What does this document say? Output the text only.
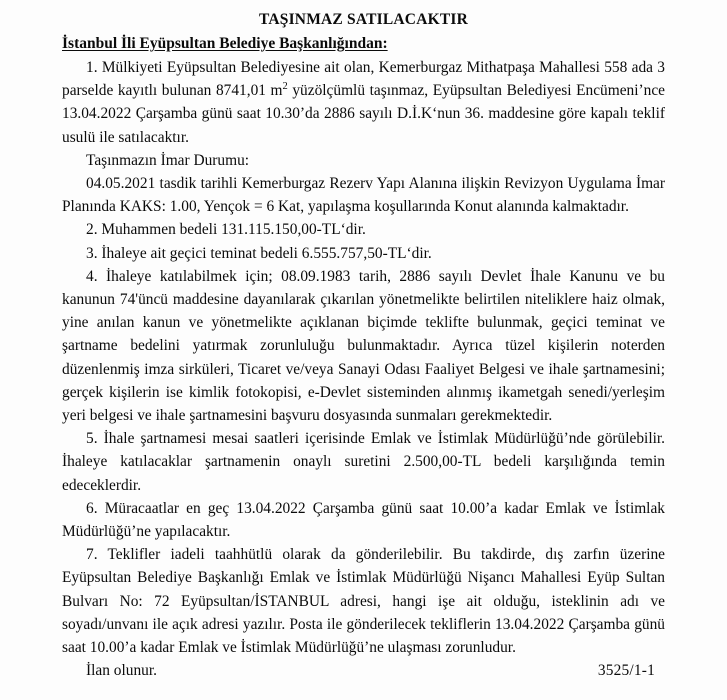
TAŞINMAZ SATILACAKTIR
İstanbul İli Eyüpsultan Belediye Başkanlığından:

1. Mülkiyeti Eyüpsultan Belediyesine ait olan, Kemerburgaz Mithatpaşa Mahallesi 558 ada 3 parselde kayıtlı bulunan 8741,01 $m^2$ yüzölçümlü taşınmaz, Eyüpsultan Belediyesi Encümeni’nce 13.04.2022 Çarşamba günü saat 10.30’da 2886 sayılı D.İ.K‘nun 36. maddesine göre kapalı teklif usulü ile satılacaktır.

Taşınmazın İmar Durumu:

04.05.2021 tasdik tarihli Kemerburgaz Rezerv Yapı Alanına ilişkin Revizyon Uygulama İmar Planında KAKS: 1.00, Yençok = 6 Kat, yapılaşma koşullarında Konut alanında kalmaktadır.

2. Muhammen bedeli 131.115.150,00-TL‘dir.

3. İhaleye ait geçici teminat bedeli 6.555.757,50-TL‘dir.

4. İhaleye katılabilmek için; 08.09.1983 tarih, 2886 sayılı Devlet İhale Kanunu ve bu kanunun 74'üncü maddesine dayanılarak çıkarılan yönetmelikte belirtilen niteliklere haiz olmak, yine anılan kanun ve yönetmelikte açıklanan biçimde teklifte bulunmak, geçici teminat ve şartname bedelini yatırmak zorunluluğu bulunmaktadır. Ayrıca tüzel kişilerin noterden düzenlenmiş imza sirküleri, Ticaret ve/veya Sanayi Odası Faaliyet Belgesi ve ihale şartnamesini; gerçek kişilerin ise kimlik fotokopisi, e-Devlet sisteminden alınmış ikametgah senedi/yerleşim yeri belgesi ve ihale şartnamesini başvuru dosyasında sunmaları gerekmektedir.

5. İhale şartnamesi mesai saatleri içerisinde Emlak ve İstimlak Müdürlüğü’nde görülebilir. İhaleye katılacaklar şartnamenin onaylı suretini 2.500,00-TL bedeli karşılığında temin edeceklerdir.

6. Müracaatlar en geç 13.04.2022 Çarşamba günü saat 10.00’a kadar Emlak ve İstimlak Müdürlüğü’ne yapılacaktır.

7. Teklifler iadeli taahhütlü olarak da gönderilebilir. Bu takdirde, dış zarfın üzerine Eyüpsultan Belediye Başkanlığı Emlak ve İstimlak Müdürlüğü Nişancı Mahallesi Eyüp Sultan Bulvarı No: 72 Eyüpsultan/İSTANBUL adresi, hangi işe ait olduğu, isteklinin adı ve soyadı/unvanı ile açık adresi yazılır. Posta ile gönderilecek tekliflerin 13.04.2022 Çarşamba günü saat 10.00’a kadar Emlak ve İstimlak Müdürlüğü’ne ulaşması zorunludur.

İlan olunur.	3525/1-1
